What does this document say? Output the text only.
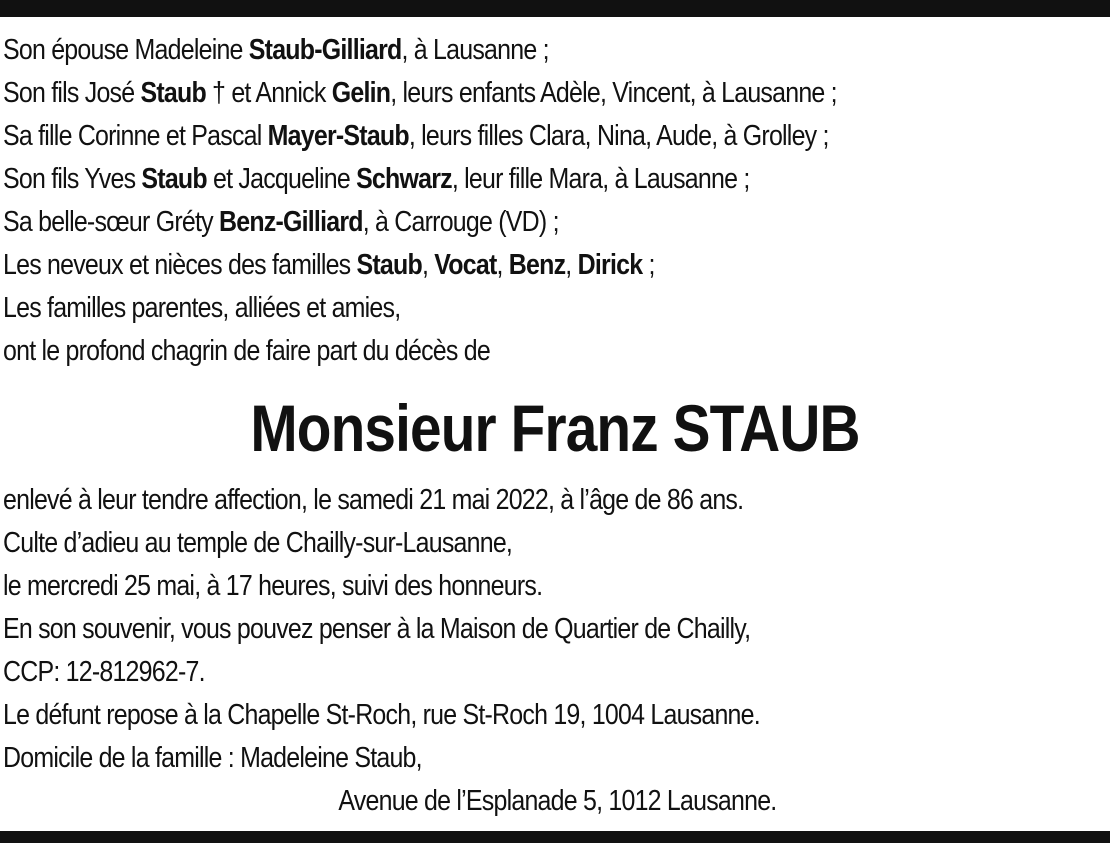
Son épouse Madeleine Staub-Gilliard, à Lausanne ;
Son fils José Staub † et Annick Gelin, leurs enfants Adèle, Vincent, à Lausanne ;
Sa fille Corinne et Pascal Mayer-Staub, leurs filles Clara, Nina, Aude, à Grolley ;
Son fils Yves Staub et Jacqueline Schwarz, leur fille Mara, à Lausanne ;
Sa belle-sœur Gréty Benz-Gilliard, à Carrouge (VD) ;
Les neveux et nièces des familles Staub, Vocat, Benz, Dirick ;
Les familles parentes, alliées et amies,
ont le profond chagrin de faire part du décès de
Monsieur Franz STAUB
enlevé à leur tendre affection, le samedi 21 mai 2022, à l’âge de 86 ans.
Culte d’adieu au temple de Chailly-sur-Lausanne,
le mercredi 25 mai, à 17 heures, suivi des honneurs.
En son souvenir, vous pouvez penser à la Maison de Quartier de Chailly,
CCP: 12-812962-7.
Le défunt repose à la Chapelle St-Roch, rue St-Roch 19, 1004 Lausanne.
Domicile de la famille : Madeleine Staub,
Avenue de l’Esplanade 5, 1012 Lausanne.
